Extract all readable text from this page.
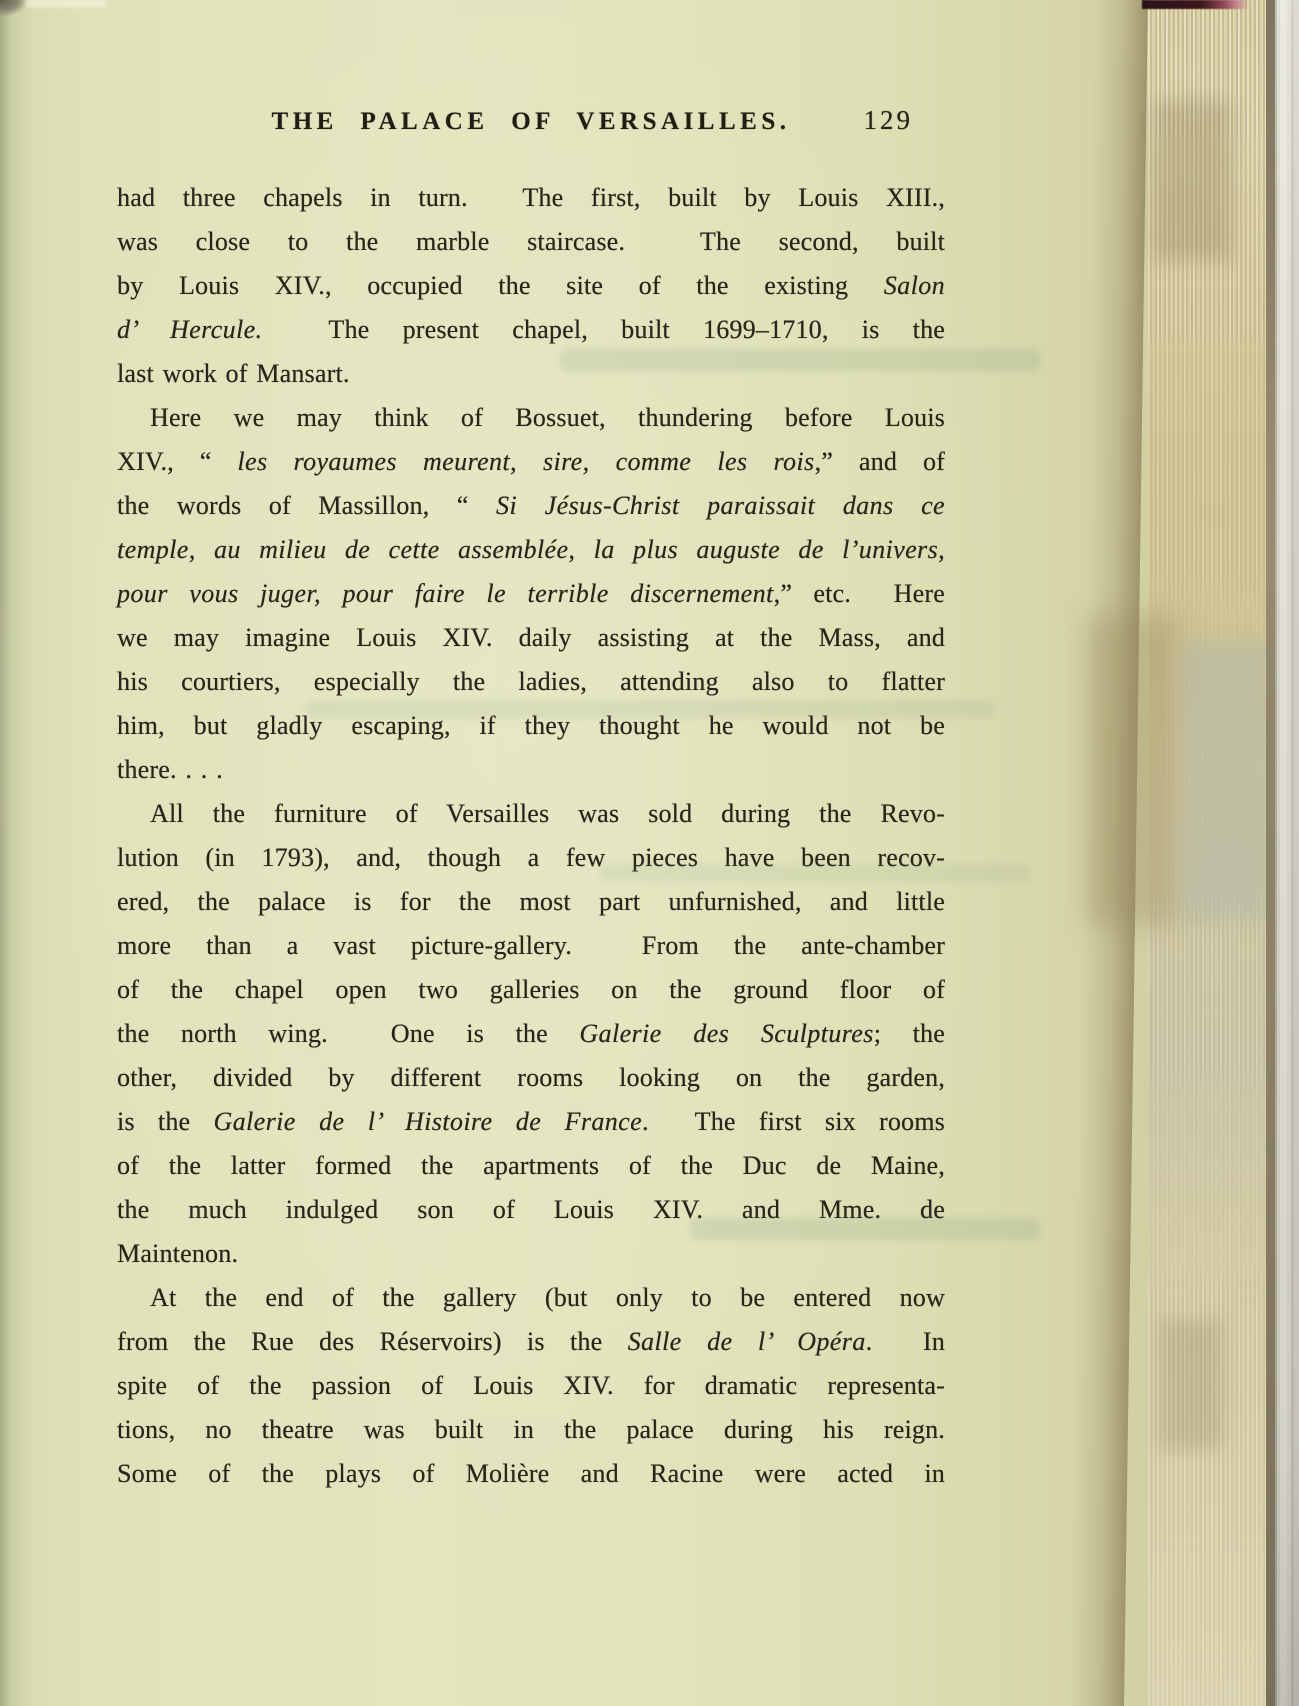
THE PALACE OF VERSAILLES.	129
had three chapels in turn.  The first, built by Louis XIII.,
was close to the marble staircase.  The second, built
by Louis XIV., occupied the site of the existing Salon
d’ Hercule.  The present chapel, built 1699–1710, is the
last work of Mansart.
Here we may think of Bossuet, thundering before Louis
XIV., “ les royaumes meurent, sire, comme les rois,” and of
the words of Massillon, “ Si Jésus-Christ paraissait dans ce
temple, au milieu de cette assemblée, la plus auguste de l’univers,
pour vous juger, pour faire le terrible discernement,” etc.  Here
we may imagine Louis XIV. daily assisting at the Mass, and
his courtiers, especially the ladies, attending also to flatter
him, but gladly escaping, if they thought he would not be
there. . . .
All the furniture of Versailles was sold during the Revo-
lution (in 1793), and, though a few pieces have been recov-
ered, the palace is for the most part unfurnished, and little
more than a vast picture-gallery.  From the ante-chamber
of the chapel open two galleries on the ground floor of
the north wing.  One is the Galerie des Sculptures; the
other, divided by different rooms looking on the garden,
is the Galerie de l’ Histoire de France.  The first six rooms
of the latter formed the apartments of the Duc de Maine,
the much indulged son of Louis XIV. and Mme. de
Maintenon.
At the end of the gallery (but only to be entered now
from the Rue des Réservoirs) is the Salle de l’ Opéra.  In
spite of the passion of Louis XIV. for dramatic representa-
tions, no theatre was built in the palace during his reign.
Some of the plays of Molière and Racine were acted in
